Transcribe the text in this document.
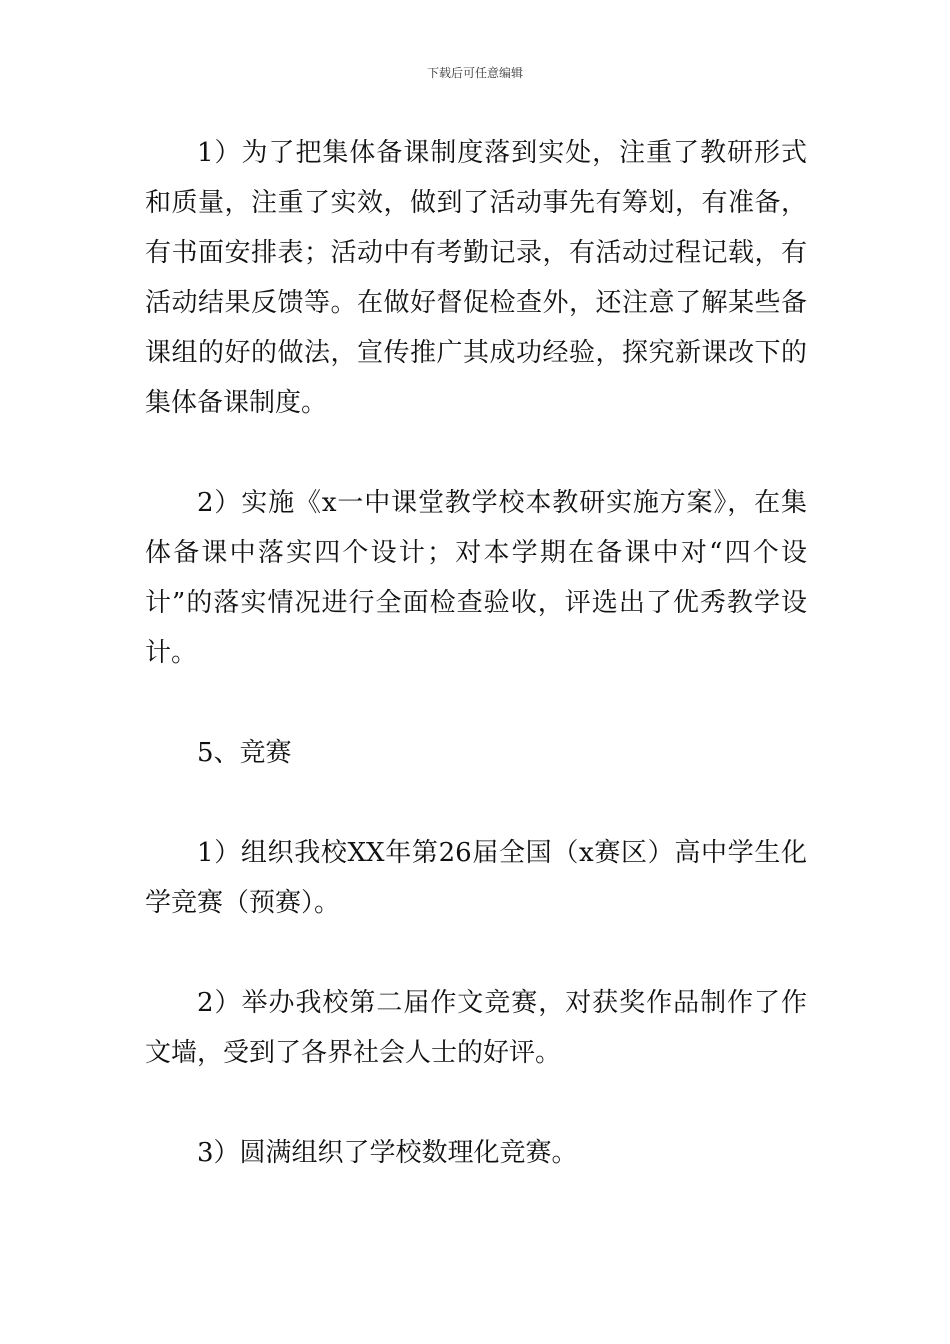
下载后可任意编辑

1）为了把集体备课制度落到实处，注重了教研形式和质量，注重了实效，做到了活动事先有筹划，有准备，有书面安排表；活动中有考勤记录，有活动过程记载，有活动结果反馈等。在做好督促检查外，还注意了解某些备课组的好的做法，宣传推广其成功经验，探究新课改下的集体备课制度。

2）实施《x一中课堂教学校本教研实施方案》，在集体备课中落实四个设计；对本学期在备课中对“四个设计”的落实情况进行全面检查验收，评选出了优秀教学设计。

5、竞赛

1）组织我校XX年第26届全国（x赛区）高中学生化学竞赛（预赛）。

2）举办我校第二届作文竞赛，对获奖作品制作了作文墙，受到了各界社会人士的好评。

3）圆满组织了学校数理化竞赛。
